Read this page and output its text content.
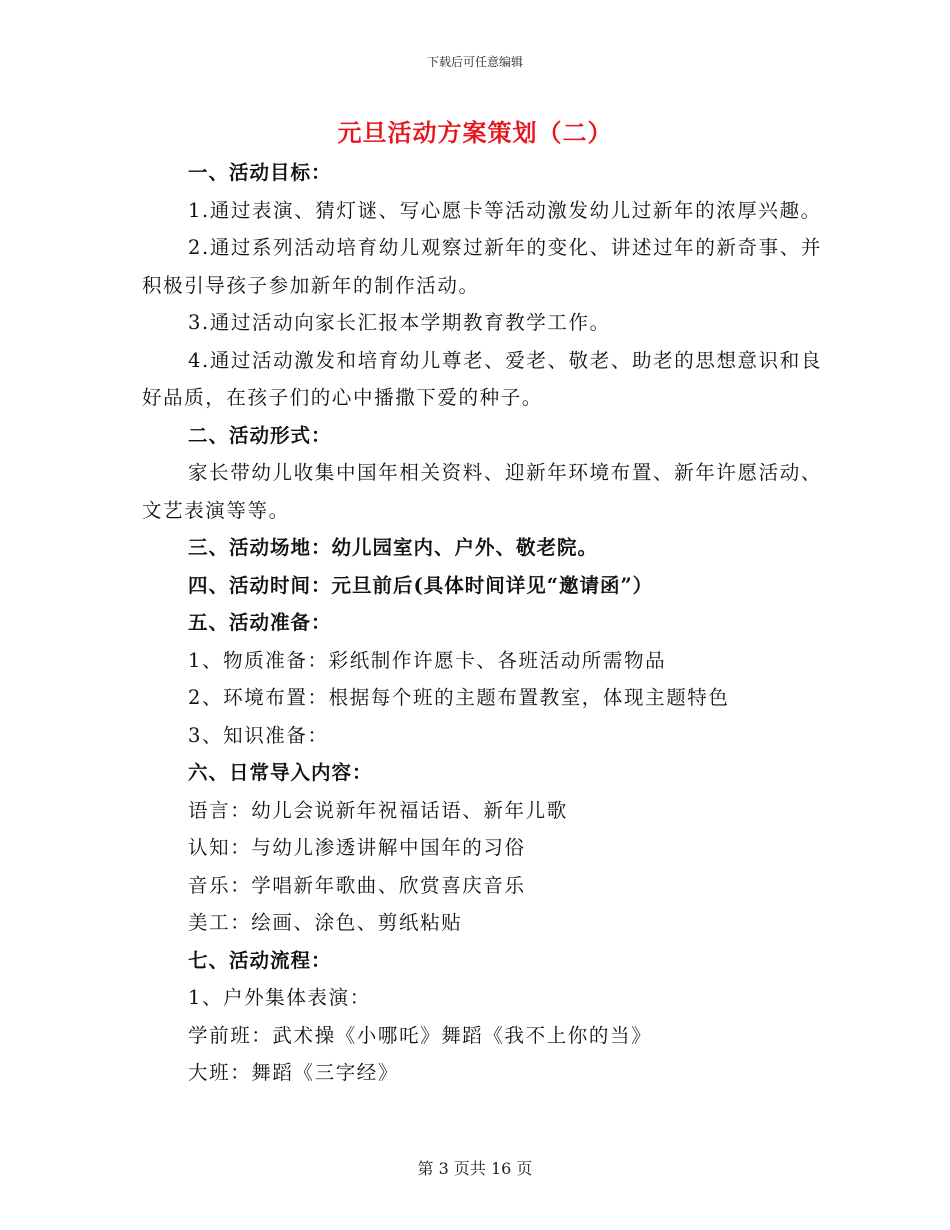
下载后可任意编辑
元旦活动方案策划（二）
一、活动目标：
1.通过表演、猜灯谜、写心愿卡等活动激发幼儿过新年的浓厚兴趣。
2.通过系列活动培育幼儿观察过新年的变化、讲述过年的新奇事、并积极引导孩子参加新年的制作活动。
3.通过活动向家长汇报本学期教育教学工作。
4.通过活动激发和培育幼儿尊老、爱老、敬老、助老的思想意识和良好品质，在孩子们的心中播撒下爱的种子。
二、活动形式：
家长带幼儿收集中国年相关资料、迎新年环境布置、新年许愿活动、文艺表演等等。
三、活动场地：幼儿园室内、户外、敬老院。
四、活动时间：元旦前后(具体时间详见“邀请函”）
五、活动准备：
1、物质准备：彩纸制作许愿卡、各班活动所需物品
2、环境布置：根据每个班的主题布置教室，体现主题特色
3、知识准备：
六、日常导入内容：
语言：幼儿会说新年祝福话语、新年儿歌
认知：与幼儿渗透讲解中国年的习俗
音乐：学唱新年歌曲、欣赏喜庆音乐
美工：绘画、涂色、剪纸粘贴
七、活动流程：
1、户外集体表演：
学前班：武术操《小哪吒》舞蹈《我不上你的当》
大班：舞蹈《三字经》
第 3 页共 16 页
